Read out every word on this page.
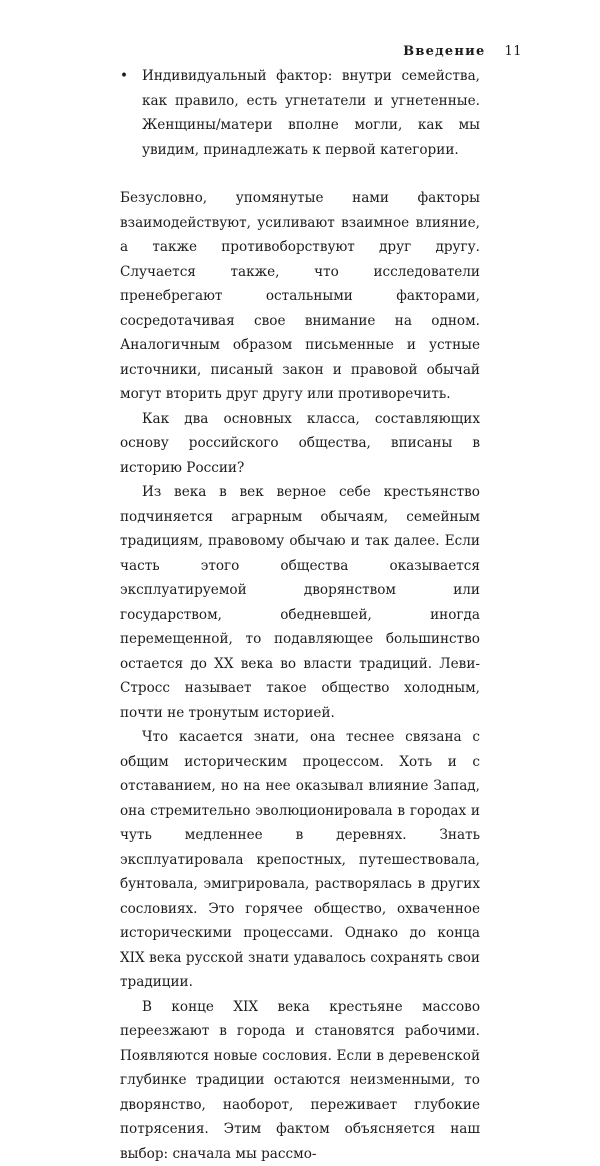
Введение 11
• Индивидуальный фактор: внутри семейства, как правило, есть угнетатели и угнетенные. Женщины/матери вполне могли, как мы увидим, принадлежать к первой категории.

Безусловно, упомянутые нами факторы взаимодействуют, усиливают взаимное влияние, а также противоборствуют друг другу. Случается также, что исследователи пренебрегают остальными факторами, сосредотачивая свое внимание на одном. Аналогичным образом письменные и устные источники, писаный закон и правовой обычай могут вторить друг другу или противоречить.

Как два основных класса, составляющих основу российского общества, вписаны в историю России?

Из века в век верное себе крестьянство подчиняется аграрным обычаям, семейным традициям, правовому обычаю и так далее. Если часть этого общества оказывается эксплуатируемой дворянством или государством, обедневшей, иногда перемещенной, то подавляющее большинство остается до XX века во власти традиций. Леви-Стросс называет такое общество холодным, почти не тронутым историей.

Что касается знати, она теснее связана с общим историческим процессом. Хоть и с отставанием, но на нее оказывал влияние Запад, она стремительно эволюционировала в городах и чуть медленнее в деревнях. Знать эксплуатировала крепостных, путешествовала, бунтовала, эмигрировала, растворялась в других сословиях. Это горячее общество, охваченное историческими процессами. Однако до конца XIX века русской знати удавалось сохранять свои традиции.

В конце XIX века крестьяне массово переезжают в города и становятся рабочими. Появляются новые сословия. Если в деревенской глубинке традиции остаются неизменными, то дворянство, наоборот, переживает глубокие потрясения. Этим фактом объясняется наш выбор: сначала мы рассмо-
